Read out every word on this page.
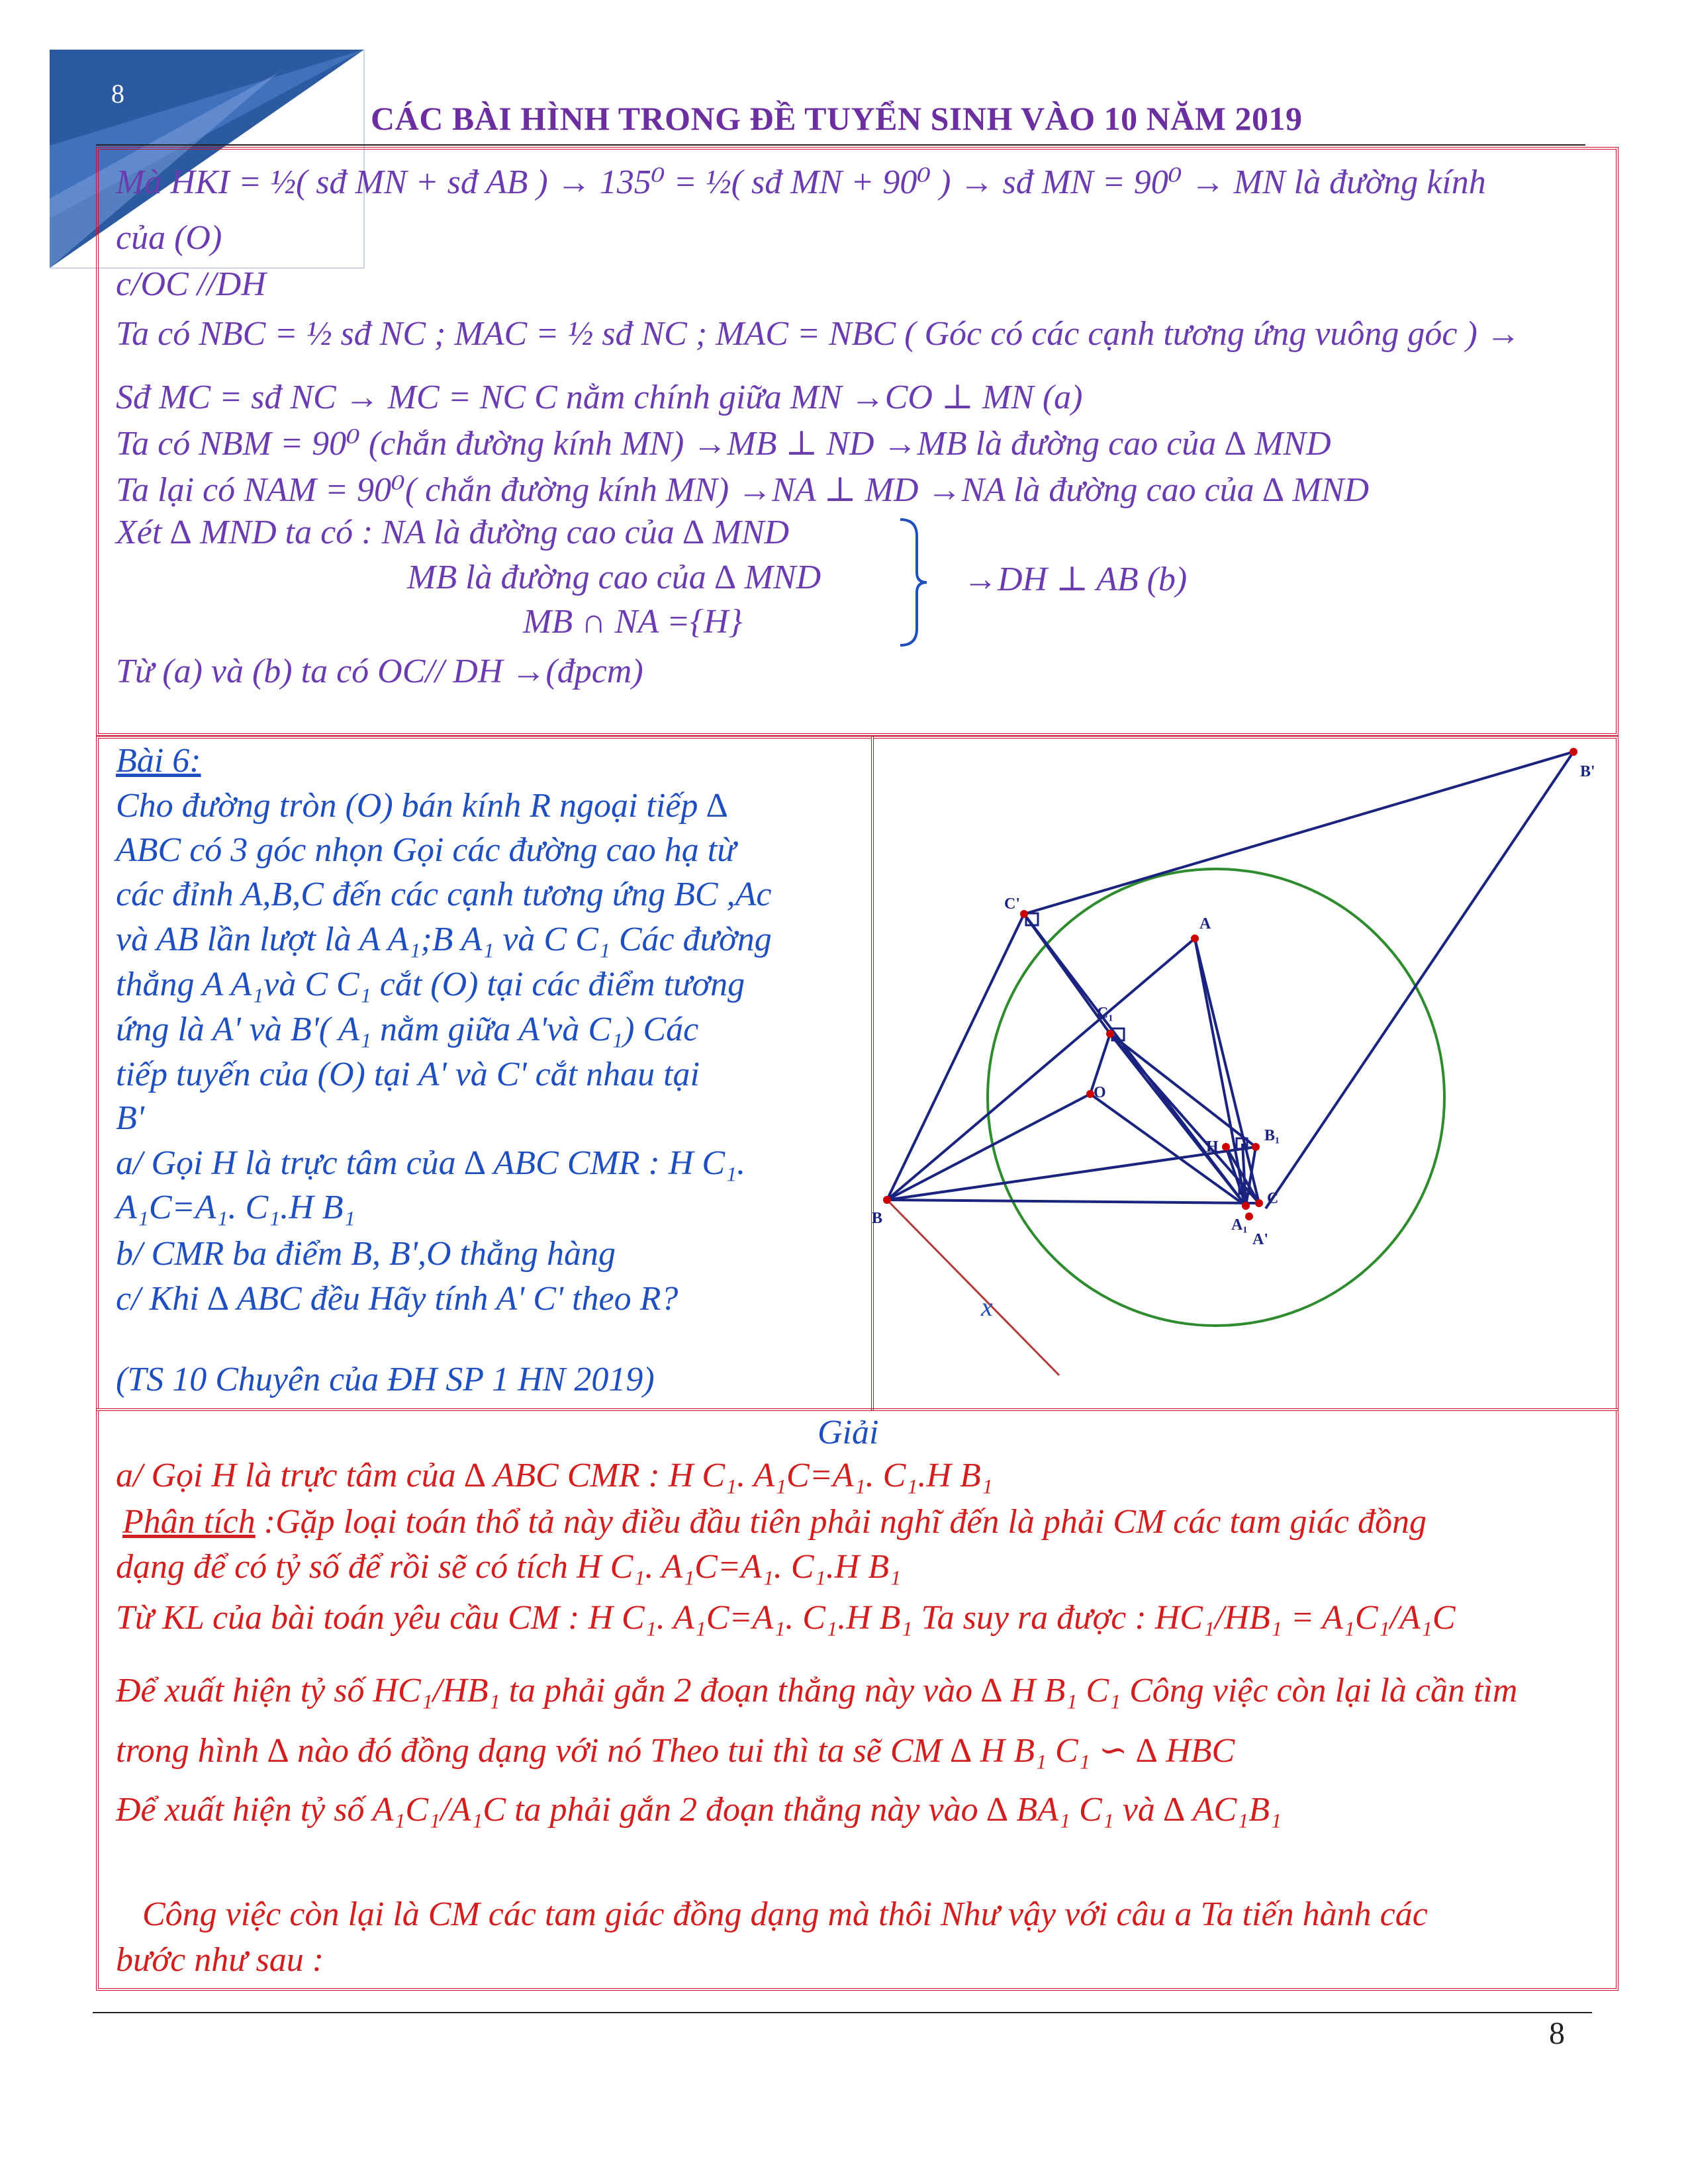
8
CÁC BÀI HÌNH TRONG ĐỀ TUYỂN SINH VÀO 10 NĂM 2019
Mà HKI = ½( sđ MN + sđ AB ) → 135⁰ = ½( sđ MN + 90⁰ ) → sđ MN = 90⁰ → MN là đường kính
của (O)
c/OC //DH
Ta có NBC = ½ sđ NC ; MAC = ½ sđ NC ; MAC = NBC ( Góc có các cạnh tương ứng vuông góc ) →
Sđ MC = sđ NC → MC = NC C nằm chính giữa MN →CO ⊥ MN (a)
Ta có NBM = 90⁰ (chắn đường kính MN) →MB ⊥ ND →MB là đường cao của ∆ MND
Ta lại có NAM = 90⁰( chắn đường kính MN) →NA ⊥ MD →NA là đường cao của ∆ MND
Xét ∆ MND ta có : NA là đường cao của ∆ MND
MB là đường cao của ∆ MND
MB ∩ NA ={H}
→DH ⊥ AB (b)
Từ (a) và (b) ta có OC// DH →(đpcm)
Bài 6:
Cho đường tròn (O) bán kính R ngoại tiếp ∆
ABC có 3 góc nhọn Gọi các đường cao hạ từ
các đỉnh A,B,C đến các cạnh tương ứng BC ,Ac
và AB lần lượt là A A₁;B A₁ và C C₁ Các đường
thẳng A A₁và C C₁ cắt (O) tại các điểm tương
ứng là A' và B'( A₁ nằm giữa A'và C₁) Các
tiếp tuyến của (O) tại A' và C' cắt nhau tại
B'
a/ Gọi H là trực tâm của ∆ ABC CMR : H C₁.
A₁C=A₁. C₁.H B₁
b/ CMR ba điểm B, B',O thẳng hàng
c/ Khi ∆ ABC đều Hãy tính A' C' theo R?
(TS 10 Chuyên của ĐH SP 1 HN 2019)
B'
C'
A
C₁
O
H
B₁
C
A₁
A'
B
x
Giải
a/ Gọi H là trực tâm của ∆ ABC CMR : H C₁. A₁C=A₁. C₁.H B₁
Phân tích :Gặp loại toán thổ tả này điều đầu tiên phải nghĩ đến là phải CM các tam giác đồng
dạng để có tỷ số để rồi sẽ có tích H C₁. A₁C=A₁. C₁.H B₁
Từ KL của bài toán yêu cầu CM : H C₁. A₁C=A₁. C₁.H B₁ Ta suy ra được : HC₁/HB₁ = A₁C₁/A₁C
Để xuất hiện tỷ số HC₁/HB₁ ta phải gắn 2 đoạn thẳng này vào ∆ H B₁ C₁ Công việc còn lại là cần tìm
trong hình ∆ nào đó đồng dạng với nó Theo tui thì ta sẽ CM ∆ H B₁ C₁ ∽ ∆ HBC
Để xuất hiện tỷ số A₁C₁/A₁C ta phải gắn 2 đoạn thẳng này vào ∆ BA₁ C₁ và ∆ AC₁B₁
Công việc còn lại là CM các tam giác đồng dạng mà thôi Như vậy với câu a Ta tiến hành các
bước như sau :
8
